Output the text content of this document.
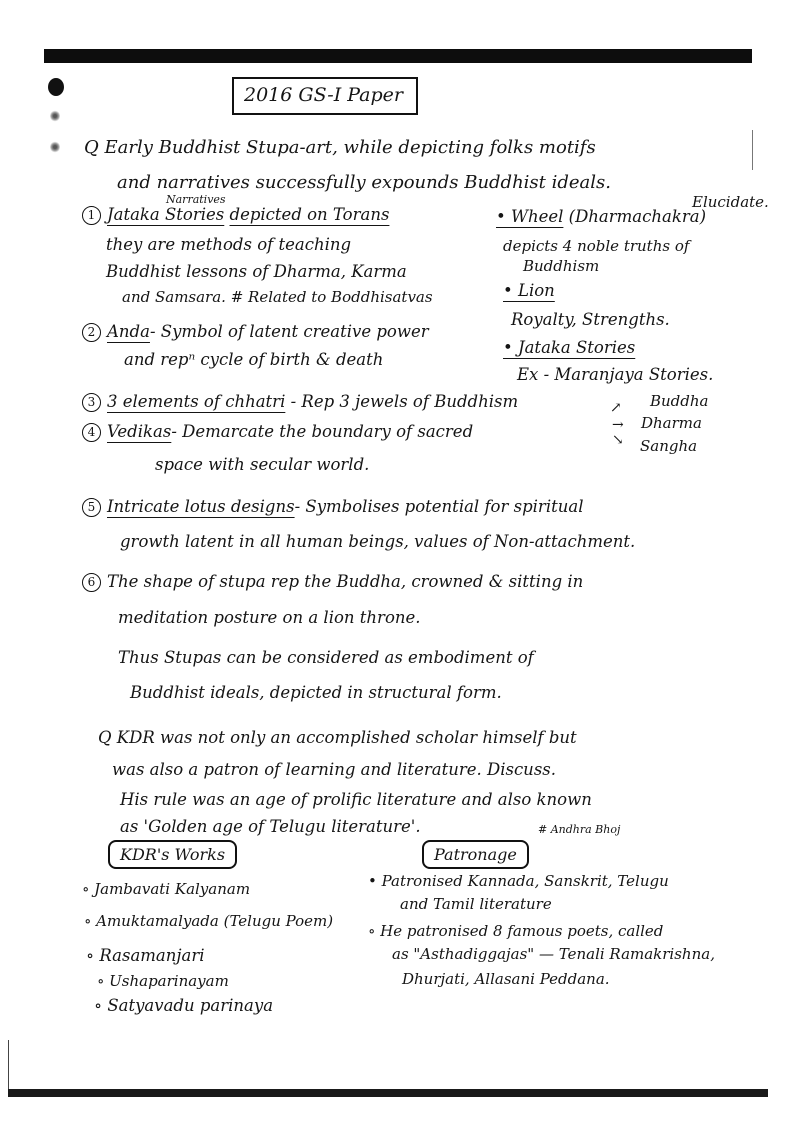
2016 GS-I Paper
Q Early Buddhist Stupa-art, while depicting folks motifs
and narratives successfully expounds Buddhist ideals.
Elucidate.
Narratives
1 Jataka Stories depicted on Torans
they are methods of teaching
Buddhist lessons of Dharma, Karma
and Samsara. # Related to Boddhisatvas
2 Anda- Symbol of latent creative power
and repⁿ cycle of birth & death
• Wheel (Dharmachakra)
depicts 4 noble truths of
Buddhism
• Lion
Royalty, Strengths.
• Jataka Stories
Ex - Maranjaya Stories.
3 3 elements of chhatri - Rep 3 jewels of Buddhism	↗
→
↘
Buddha
Dharma
Sangha
4 Vedikas- Demarcate the boundary of sacred
space with secular world.
5 Intricate lotus designs- Symbolises potential for spiritual
growth latent in all human beings, values of Non-attachment.
6 The shape of stupa rep the Buddha, crowned & sitting in
meditation posture on a lion throne.
Thus Stupas can be considered as embodiment of
Buddhist ideals, depicted in structural form.
Q KDR was not only an accomplished scholar himself but
was also a patron of learning and literature. Discuss.
His rule was an age of prolific literature and also known
as 'Golden age of Telugu literature'.	# Andhra Bhoj
KDR's Works
∘ Jambavati Kalyanam
∘ Amuktamalyada (Telugu Poem)
∘ Rasamanjari
∘ Ushaparinayam
∘ Satyavadu parinaya
Patronage
• Patronised Kannada, Sanskrit, Telugu
and Tamil literature
∘ He patronised 8 famous poets, called
as "Asthadiggajas" — Tenali Ramakrishna,
Dhurjati, Allasani Peddana.
